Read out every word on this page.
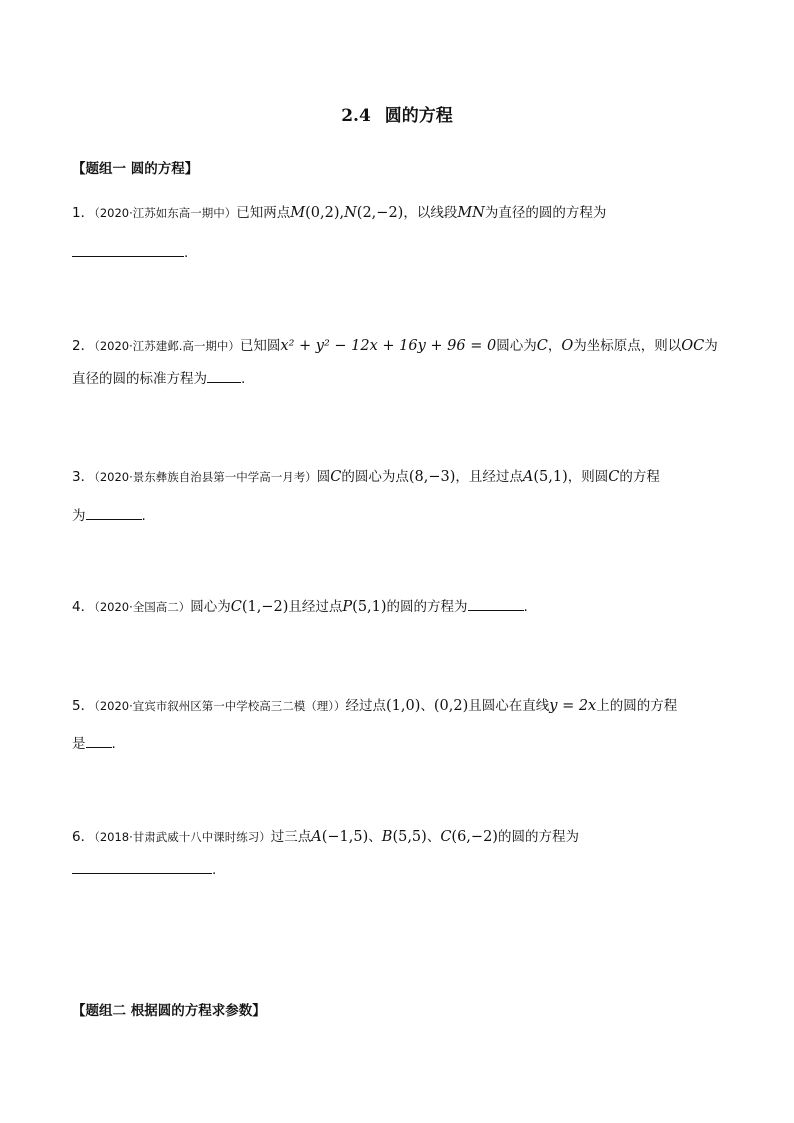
2.4 圆的方程
【题组一 圆的方程】
1．（2020·江苏如东高一期中）已知两点M(0,2),N(2,−2)，以线段MN为直径的圆的方程为
.
2．（2020·江苏建邺.高一期中）已知圆x² + y² − 12x + 16y + 96 = 0圆心为C，O为坐标原点，则以OC为
直径的圆的标准方程为	.
3．（2020·景东彝族自治县第一中学高一月考）圆C的圆心为点(8,−3)，且经过点A(5,1)，则圆C的方程
为	.
4．（2020·全国高二）圆心为C(1,−2)且经过点P(5,1)的圆的方程为	.
5．（2020·宜宾市叙州区第一中学校高三二模（理））经过点(1,0)、(0,2)且圆心在直线y = 2x上的圆的方程
是 .
6．（2018·甘肃武威十八中课时练习）过三点A(−1,5)、B(5,5)、C(6,−2)的圆的方程为
.
【题组二 根据圆的方程求参数】
